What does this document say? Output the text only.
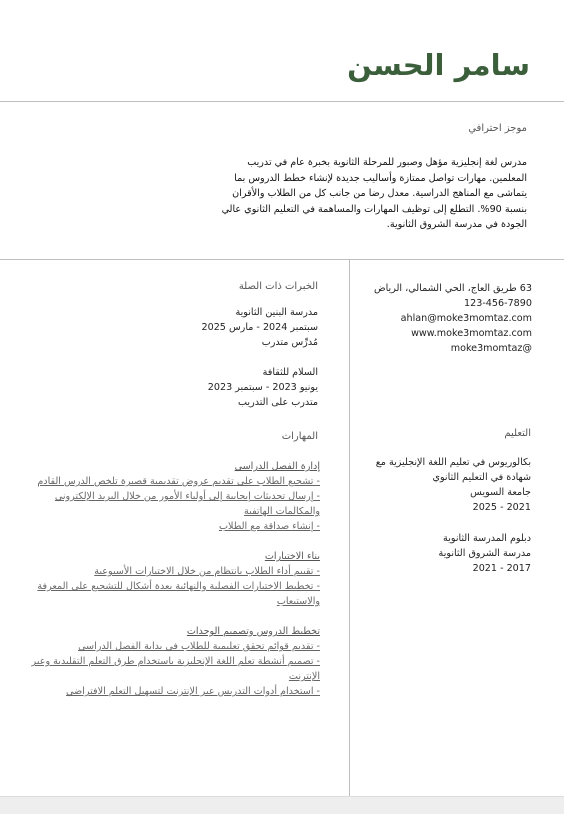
سامر الحسن
موجز احترافي

مدرس لغة إنجليزية مؤهل وصبور للمرحلة الثانوية بخبرة عام في تدريب المعلمين. مهارات تواصل ممتازة وأساليب جديدة لإنشاء خطط الدروس بما يتماشى مع المناهج الدراسية. معدل رضا من جانب كل من الطلاب والأقران بنسبة 90%. التطلع إلى توظيف المهارات والمساهمة في التعليم الثانوي عالي الجودة في مدرسة الشروق الثانوية.

63 طريق العاج، الحي الشمالي، الرياض 7890-456-123
ahlan@moke3momtaz.com
www.moke3momtaz.com
moke3momtaz@
التعليم
بكالوريوس في تعليم اللغة الإنجليزية مع شهادة في التعليم الثانوي
جامعة السويس
2021 - 2025
دبلوم المدرسة الثانوية
مدرسة الشروق الثانوية
2017 - 2021
الخبرات ذات الصلة
مدرسة البنين الثانوية
سبتمبر 2024 - مارس 2025
مُدرِّس متدرب
السلام للثقافة
يونيو 2023 - سبتمبر 2023
متدرب على التدريب
المهارات
إدارة الفصل الدراسي
- تشجيع الطلاب على تقديم عروض تقديمية قصيرة تلخص الدرس القادم
- إرسال تحديثات إيجابية إلى أولياء الأمور من خلال البريد الإلكتروني والمكالمات الهاتفية
- إنشاء صداقة مع الطلاب
بناء الاختبارات
- تقييم أداء الطلاب بانتظام من خلال الاختبارات الأسبوعية
- تخطيط الاختبارات الفصلية والنهائية بعدة أشكال للتشجيع على المعرفة والاستيعاب
تخطيط الدروس وتصميم الوحدات
- تقديم قوائم تحقق تعليمية للطلاب في بداية الفصل الدراسي
- تصميم أنشطة تعلم اللغة الإنجليزية باستخدام طرق التعلم التقليدية وعبر الإنترنت
- استخدام أدوات التدريس عبر الإنترنت لتسهيل التعلم الافتراضي
